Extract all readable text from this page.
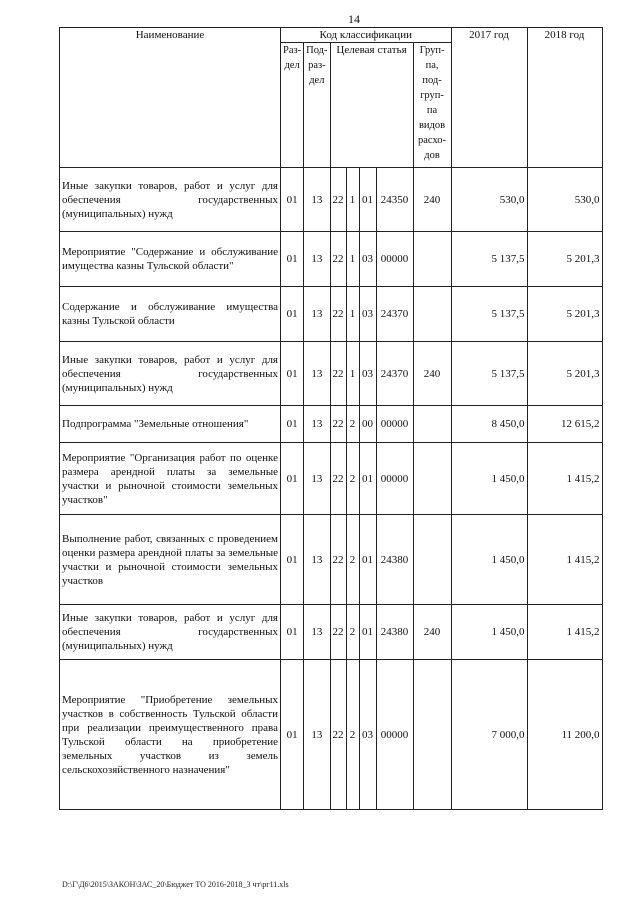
14
Наименование	Код классификации							2017 год	2018 год
	Раз-дел	Под-раз-дел	Целевая статья				Груп-па, под-груп-па видов расхо-дов		
Иные закупки товаров, работ и услуг для обеспечения государственных (муниципальных) нужд	01	13	22	1	01	24350	240	530,0	530,0
Мероприятие "Содержание и обслуживание имущества казны Тульской области"	01	13	22	1	03	00000		5 137,5	5 201,3
Содержание и обслуживание имущества казны Тульской области	01	13	22	1	03	24370		5 137,5	5 201,3
Иные закупки товаров, работ и услуг для обеспечения государственных (муниципальных) нужд	01	13	22	1	03	24370	240	5 137,5	5 201,3
Подпрограмма "Земельные отношения"	01	13	22	2	00	00000		8 450,0	12 615,2
Мероприятие "Организация работ по оценке размера арендной платы за земельные участки и рыночной стоимости земельных участков"	01	13	22	2	01	00000		1 450,0	1 415,2
Выполнение работ, связанных с проведением оценки размера арендной платы за земельные участки и рыночной стоимости земельных участков	01	13	22	2	01	24380		1 450,0	1 415,2
Иные закупки товаров, работ и услуг для обеспечения государственных (муниципальных) нужд	01	13	22	2	01	24380	240	1 450,0	1 415,2
Мероприятие "Приобретение земельных участков в собственность Тульской области при реализации преимущественного права Тульской области на приобретение земельных участков из земель сельскохозяйственного назначения"	01	13	22	2	03	00000		7 000,0	11 200,0
D:\Г\Д6\2015\ЗАКОН\ЗАС_20\Бюджет ТО 2016-2018_3 чт\рг11.xls
